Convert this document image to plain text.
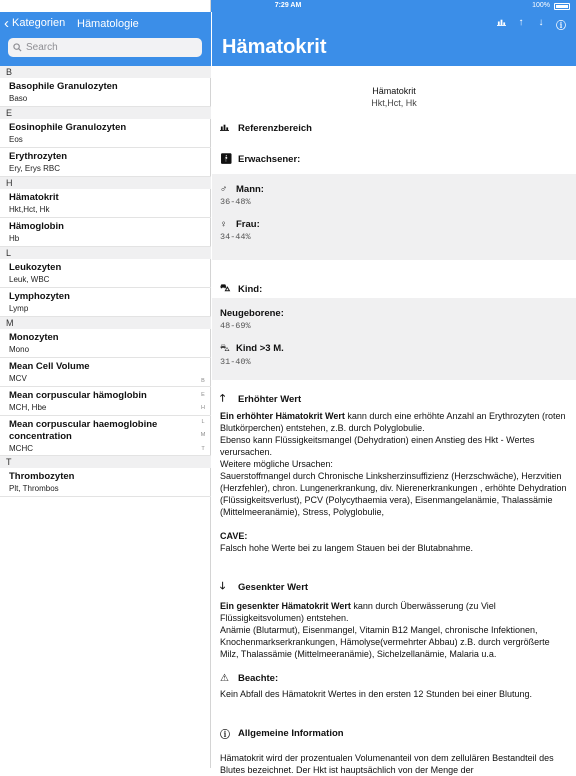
7:29 AM	100%
‹ Kategorien Hämatologie
Search
B
Basophile Granulozyten
Baso
E
Eosinophile Granulozyten
Eos
Erythrozyten
Ery, Erys RBC
H
Hämatokrit
Hkt,Hct, Hk
Hämoglobin
Hb
L
Leukozyten
Leuk, WBC
Lymphozyten
Lymp
M
Monozyten
Mono
Mean Cell Volume
MCV
Mean corpuscular hämoglobin
MCH, Hbe
Mean corpuscular haemoglobine concentration
MCHC
T
Thrombozyten
Plt, Thrombos
B
E
H
L
M
T
↑ ↓ ⓘ
Hämatokrit
Hämatokrit
Hkt,Hct, Hk
Referenzbereich
🚹︎ Erwachsener:
♂ Mann:
36-48%
♀ Frau:
34-44%
⛍ Kind:
Neugeborene:
48-69%
⛍ Kind >3 M.
31-40%
🡑	Erhöhter Wert
Ein erhöhter Hämatokrit Wert kann durch eine erhöhte Anzahl an Erythrozyten (roten Blutkörperchen) entstehen, z.B. durch Polyglobulie.
Ebenso kann Flüssigkeitsmangel (Dehydration) einen Anstieg des Hkt - Wertes verursachen.
Weitere mögliche Ursachen:
Sauerstoffmangel durch Chronische Linksherzinsuffizienz (Herzschwäche), Herzvitien (Herzfehler), chron. Lungenerkrankung, div. Nierenerkrankungen , erhöhte Dehydration (Flüssigkeitsverlust), PCV (Polycythaemia vera), Eisenmangelanämie, Thalassämie (Mittelmeeranämie), Stress, Polyglobulie,
CAVE:
Falsch hohe Werte bei zu langem Stauen bei der Blutabnahme.
🡓	Gesenkter Wert
Ein gesenkter Hämatokrit Wert kann durch Überwässerung (zu Viel Flüssigkeitsvolumen) entstehen.
Anämie (Blutarmut), Eisenmangel, Vitamin B12 Mangel, chronische Infektionen, Knochenmarkserkrankungen, Hämolyse(vermehrter Abbau) z.B. durch vergrößerte Milz, Thalassämie (Mittelmeeranämie), Sichelzellanämie, Malaria u.a.
⚠ Beachte:
Kein Abfall des Hämatokrit Wertes in den ersten 12 Stunden bei einer Blutung.
ⓘ Allgemeine Information
Hämatokrit wird der prozentualen Volumenanteil von dem zellulären Bestandteil des Blutes bezeichnet. Der Hkt ist hauptsächlich von der Menge der
